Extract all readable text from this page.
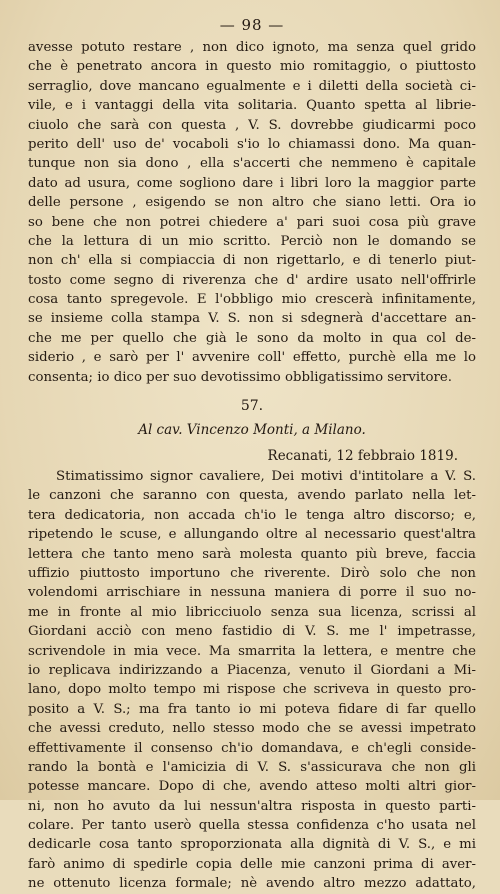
— 98 —
avesse potuto restare , non dico ignoto, ma senza quel grido
che è penetrato ancora in questo mio romitaggio, o piuttosto
serraglio, dove mancano egualmente e i diletti della società ci-
vile, e i vantaggi della vita solitaria. Quanto spetta al librie-
ciuolo che sarà con questa , V. S. dovrebbe giudicarmi poco
perito dell' uso de' vocaboli s'io lo chiamassi dono. Ma quan-
tunque non sia dono , ella s'accerti che nemmeno è capitale
dato ad usura, come sogliono dare i libri loro la maggior parte
delle persone , esigendo se non altro che siano letti. Ora io
so bene che non potrei chiedere a' pari suoi cosa più grave
che la lettura di un mio scritto. Perciò non le domando se
non ch' ella si compiaccia di non rigettarlo, e di tenerlo piut-
tosto come segno di riverenza che d' ardire usato nell'offrirle
cosa tanto spregevole. E l'obbligo mio crescerà infinitamente,
se insieme colla stampa V. S. non si sdegnerà d'accettare an-
che me per quello che già le sono da molto in qua col de-
siderio , e sarò per l' avvenire coll' effetto, purchè ella me lo
consenta; io dico per suo devotissimo obbligatissimo servitore.
57.
Al cav. Vincenzo Monti, a Milano.
Recanati, 12 febbraio 1819.
Stimatissimo signor cavaliere, Dei motivi d'intitolare a V. S.
le canzoni che saranno con questa, avendo parlato nella let-
tera dedicatoria, non accada ch'io le tenga altro discorso; e,
ripetendo le scuse, e allungando oltre al necessario quest'altra
lettera che tanto meno sarà molesta quanto più breve, faccia
uffizio piuttosto importuno che riverente. Dirò solo che non
volendomi arrischiare in nessuna maniera di porre il suo no-
me in fronte al mio libricciuolo senza sua licenza, scrissi al
Giordani acciò con meno fastidio di V. S. me l' impetrasse,
scrivendole in mia vece. Ma smarrita la lettera, e mentre che
io replicava indirizzando a Piacenza, venuto il Giordani a Mi-
lano, dopo molto tempo mi rispose che scriveva in questo pro-
posito a V. S.; ma fra tanto io mi poteva fidare di far quello
che avessi creduto, nello stesso modo che se avessi impetrato
effettivamente il consenso ch'io domandava, e ch'egli conside-
rando la bontà e l'amicizia di V. S. s'assicurava che non gli
potesse mancare. Dopo di che, avendo atteso molti altri gior-
ni, non ho avuto da lui nessun'altra risposta in questo parti-
colare. Per tanto userò quella stessa confidenza c'ho usata nel
dedicarle cosa tanto sproporzionata alla dignità di V. S., e mi
farò animo di spedirle copia delle mie canzoni prima di aver-
ne ottenuto licenza formale; nè avendo altro mezzo adattato,
